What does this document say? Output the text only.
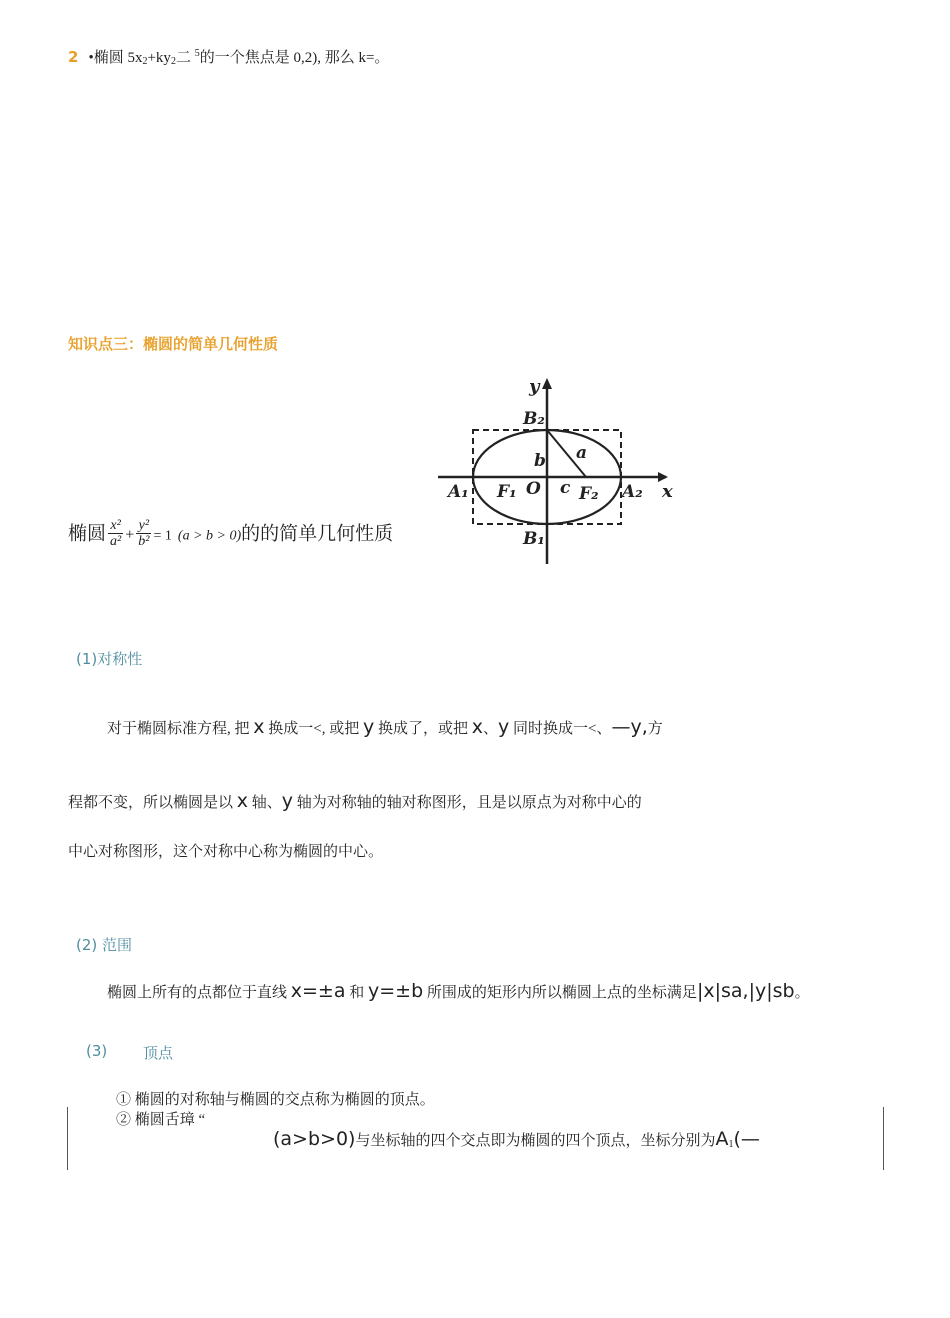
2 •椭圆 $5x_2+ky_2$二 $^5$的一个焦点是 0,2), 那么 k=。
知识点三：椭圆的简单几何性质
y
x
B₂
B₁
A₁	A₂
F₁	F₂
O
a
b
c
椭圆 $\frac{\text{x²}}{\text{a²}} + \frac{\text{y²}}{\text{b²}} = 1$ (a > b > 0)的的简单几何性质
(1)对称性
对于椭圆标准方程, 把 x 换成一<, 或把 y 换成了，或把 x、y 同时换成一<、—y,方
程都不变，所以椭圆是以 x 轴、y 轴为对称轴的轴对称图形，且是以原点为对称中心的
中心对称图形，这个对称中心称为椭圆的中心。
(2) 范围
椭圆上所有的点都位于直线 x=±a 和 y=±b 所围成的矩形内所以椭圆上点的坐标满足|x|sa,|y|sb。
(3) 顶点
① 椭圆的对称轴与椭圆的交点称为椭圆的顶点。
② 椭圆舌璋 “
(a>b>0)与坐标轴的四个交点即为椭圆的四个顶点，坐标分别为$A_1(—$
